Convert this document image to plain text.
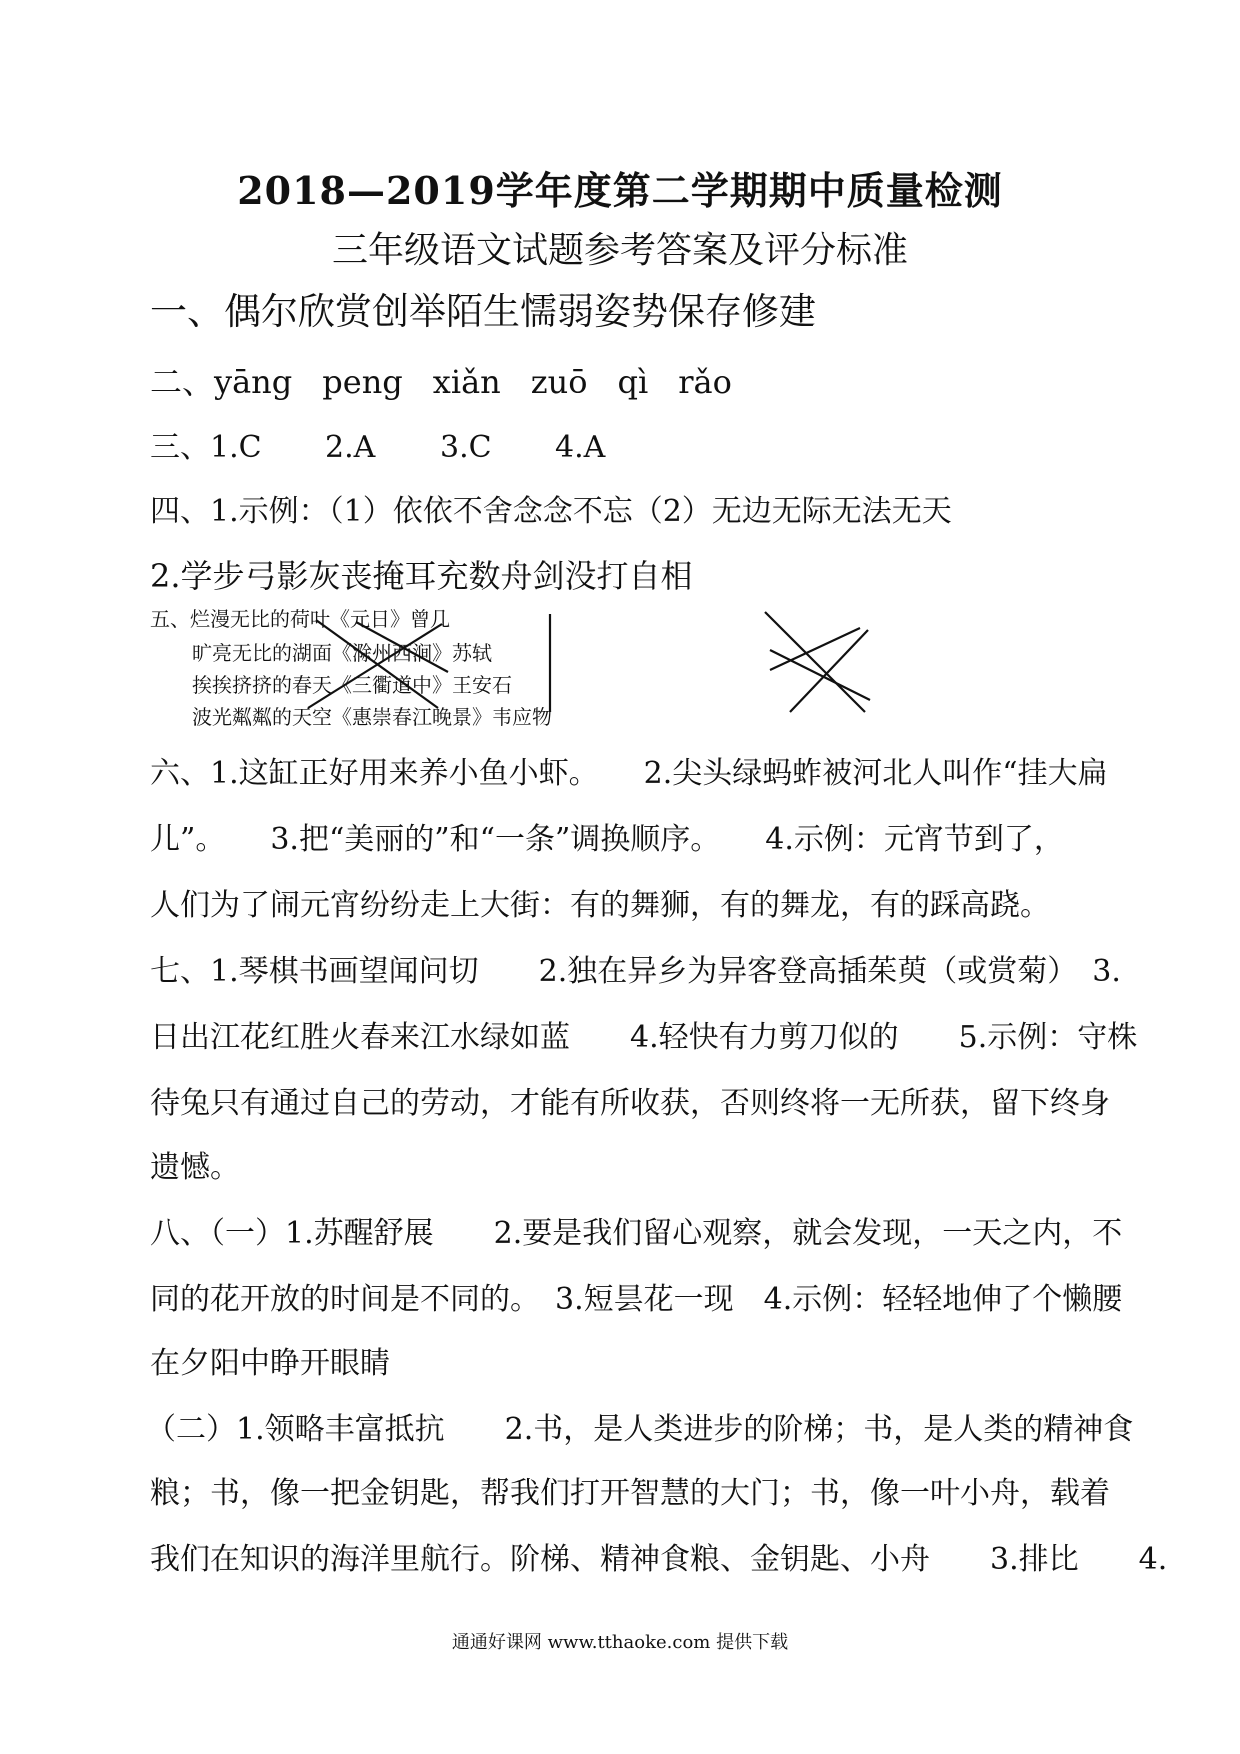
2018—2019学年度第二学期期中质量检测
三年级语文试题参考答案及评分标准
一、偶尔欣赏创举陌生懦弱姿势保存修建
二、yāng peng xiǎn zuō qì rǎo
三、1.C 2.A 3.C 4.A
四、1.示例：（1）依依不舍念念不忘（2）无边无际无法无天
2.学步弓影灰丧掩耳充数舟剑没打自相
五、烂漫无比的荷叶《元日》曾几
旷亮无比的湖面《滁州西涧》苏轼
挨挨挤挤的春天《三衢道中》王安石
波光粼粼的天空《惠崇春江晚景》韦应物
六、1.这缸正好用来养小鱼小虾。　　2.尖头绿蚂蚱被河北人叫作“挂大扁
儿”。　　3.把“美丽的”和“一条”调换顺序。　　4.示例：元宵节到了，
人们为了闹元宵纷纷走上大街：有的舞狮，有的舞龙，有的踩高跷。
七、1.琴棋书画望闻问切　　2.独在异乡为异客登高插茱萸（或赏菊）　3.
日出江花红胜火春来江水绿如蓝　　4.轻快有力剪刀似的　　5.示例：守株
待兔只有通过自己的劳动，才能有所收获，否则终将一无所获，留下终身
遗憾。
八、（一）1.苏醒舒展　　2.要是我们留心观察，就会发现，一天之内，不
同的花开放的时间是不同的。　3.短昙花一现　4.示例：轻轻地伸了个懒腰
在夕阳中睁开眼睛
（二）1.领略丰富抵抗　　2.书，是人类进步的阶梯；书，是人类的精神食
粮；书，像一把金钥匙，帮我们打开智慧的大门；书，像一叶小舟，载着
我们在知识的海洋里航行。阶梯、精神食粮、金钥匙、小舟　　3.排比　　4.
通通好课网 www.tthaoke.com 提供下载
